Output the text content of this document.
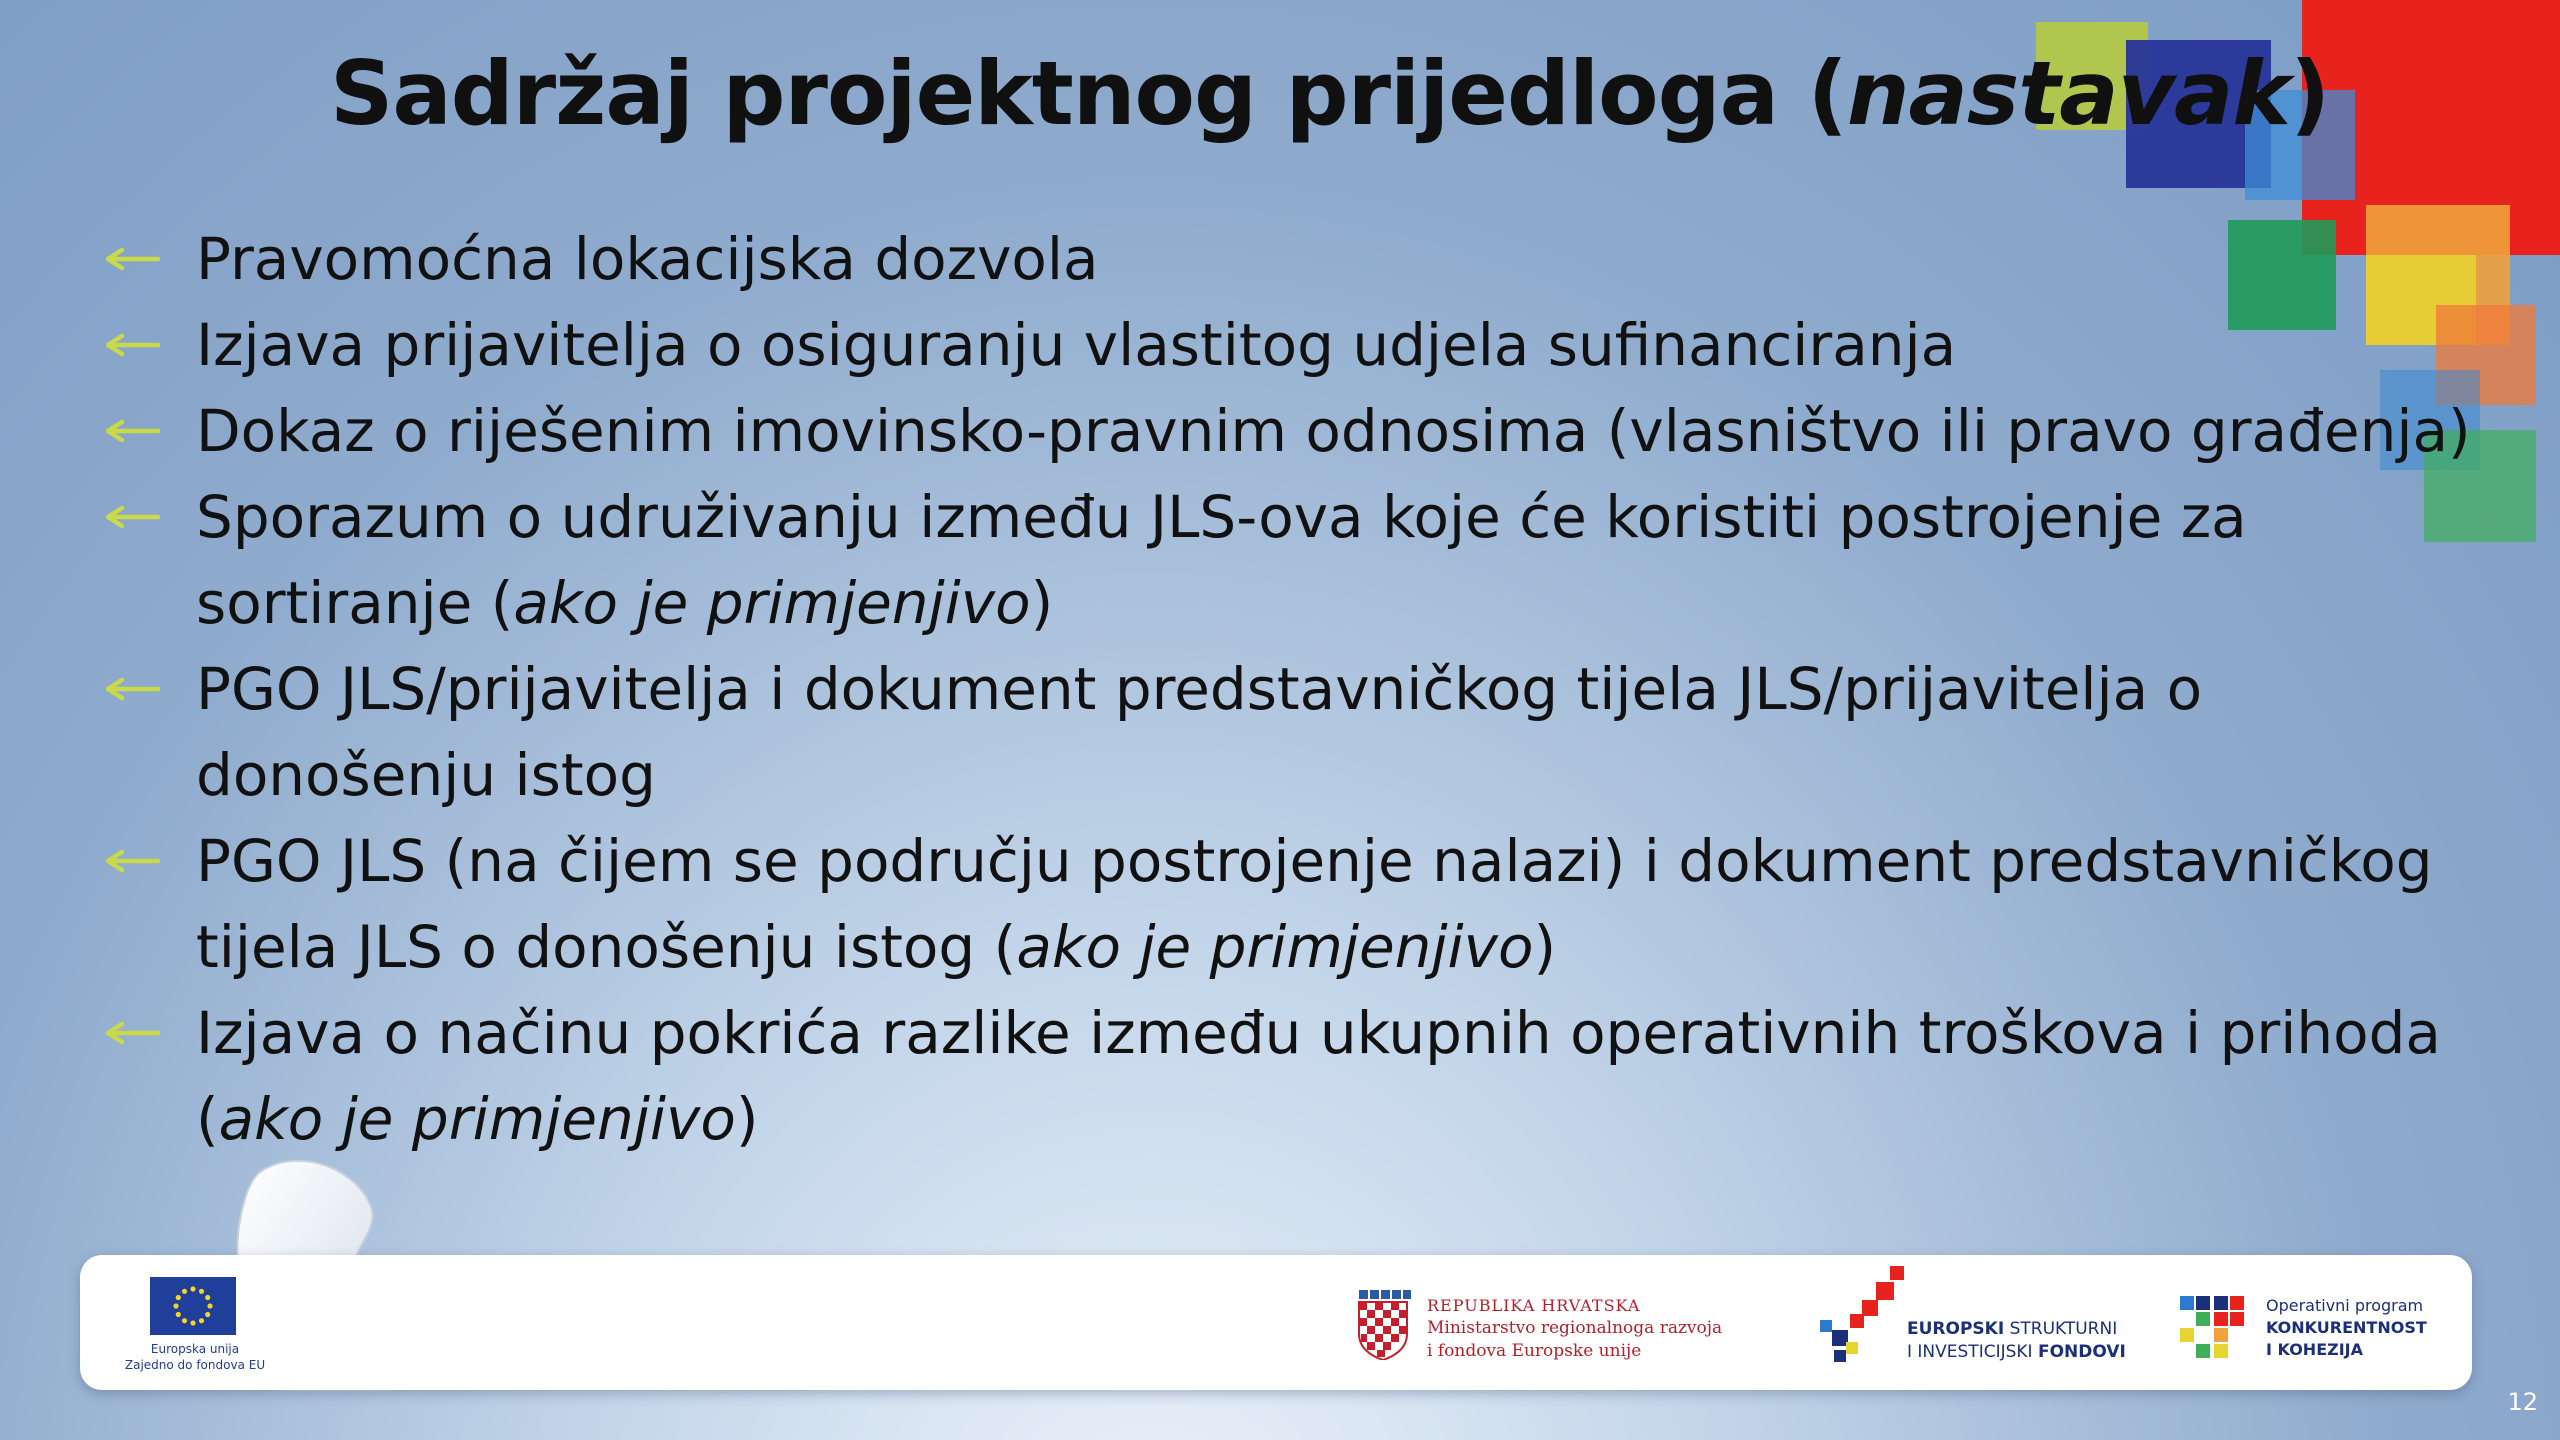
Sadržaj projektnog prijedloga (nastavak)
Pravomoćna lokacijska dozvola
Izjava prijavitelja o osiguranju vlastitog udjela sufinanciranja
Dokaz o riješenim imovinsko-pravnim odnosima (vlasništvo ili pravo građenja)
Sporazum o udruživanju između JLS-ova koje će koristiti postrojenje za
sortiranje (ako je primjenjivo)
PGO JLS/prijavitelja i dokument predstavničkog tijela JLS/prijavitelja o
donošenju istog
PGO JLS (na čijem se području postrojenje nalazi) i dokument predstavničkog
tijela JLS o donošenju istog (ako je primjenjivo)
Izjava o načinu pokrića razlike između ukupnih operativnih troškova i prihoda
(ako je primjenjivo)
Europska unija
Zajedno do fondova EU
REPUBLIKA HRVATSKA
Ministarstvo regionalnoga razvoja
i fondova Europske unije
EUROPSKI STRUKTURNI
I INVESTICIJSKI FONDOVI
Operativni program
KONKURENTNOST
I KOHEZIJA
12
